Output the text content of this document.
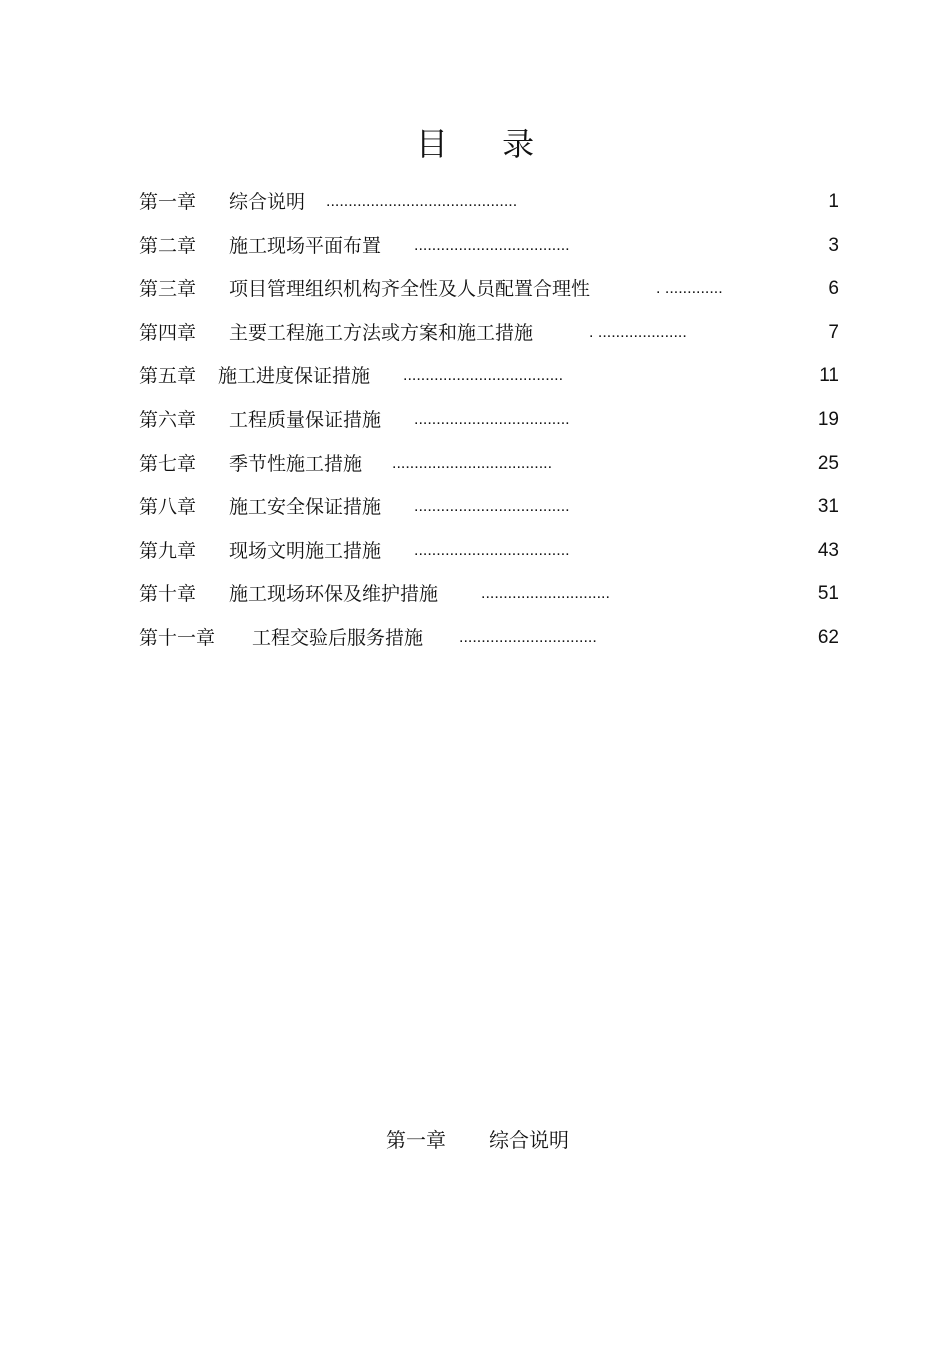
目 录
第一章 综合说明 ...........................................	1
第二章 施工现场平面布置 ...................................	3
第三章 项目管理组织机构齐全性及人员配置合理性	. .............	6
第四章 主要工程施工方法或方案和施工措施	. ....................	7
第五章 施工进度保证措施 ....................................	11
第六章 工程质量保证措施 ...................................	19
第七章 季节性施工措施 ....................................	25
第八章 施工安全保证措施 ...................................	31
第九章 现场文明施工措施 ...................................	43
第十章 施工现场环保及维护措施	.............................	51
第十一章 工程交验后服务措施 ...............................	62
第一章 综合说明
